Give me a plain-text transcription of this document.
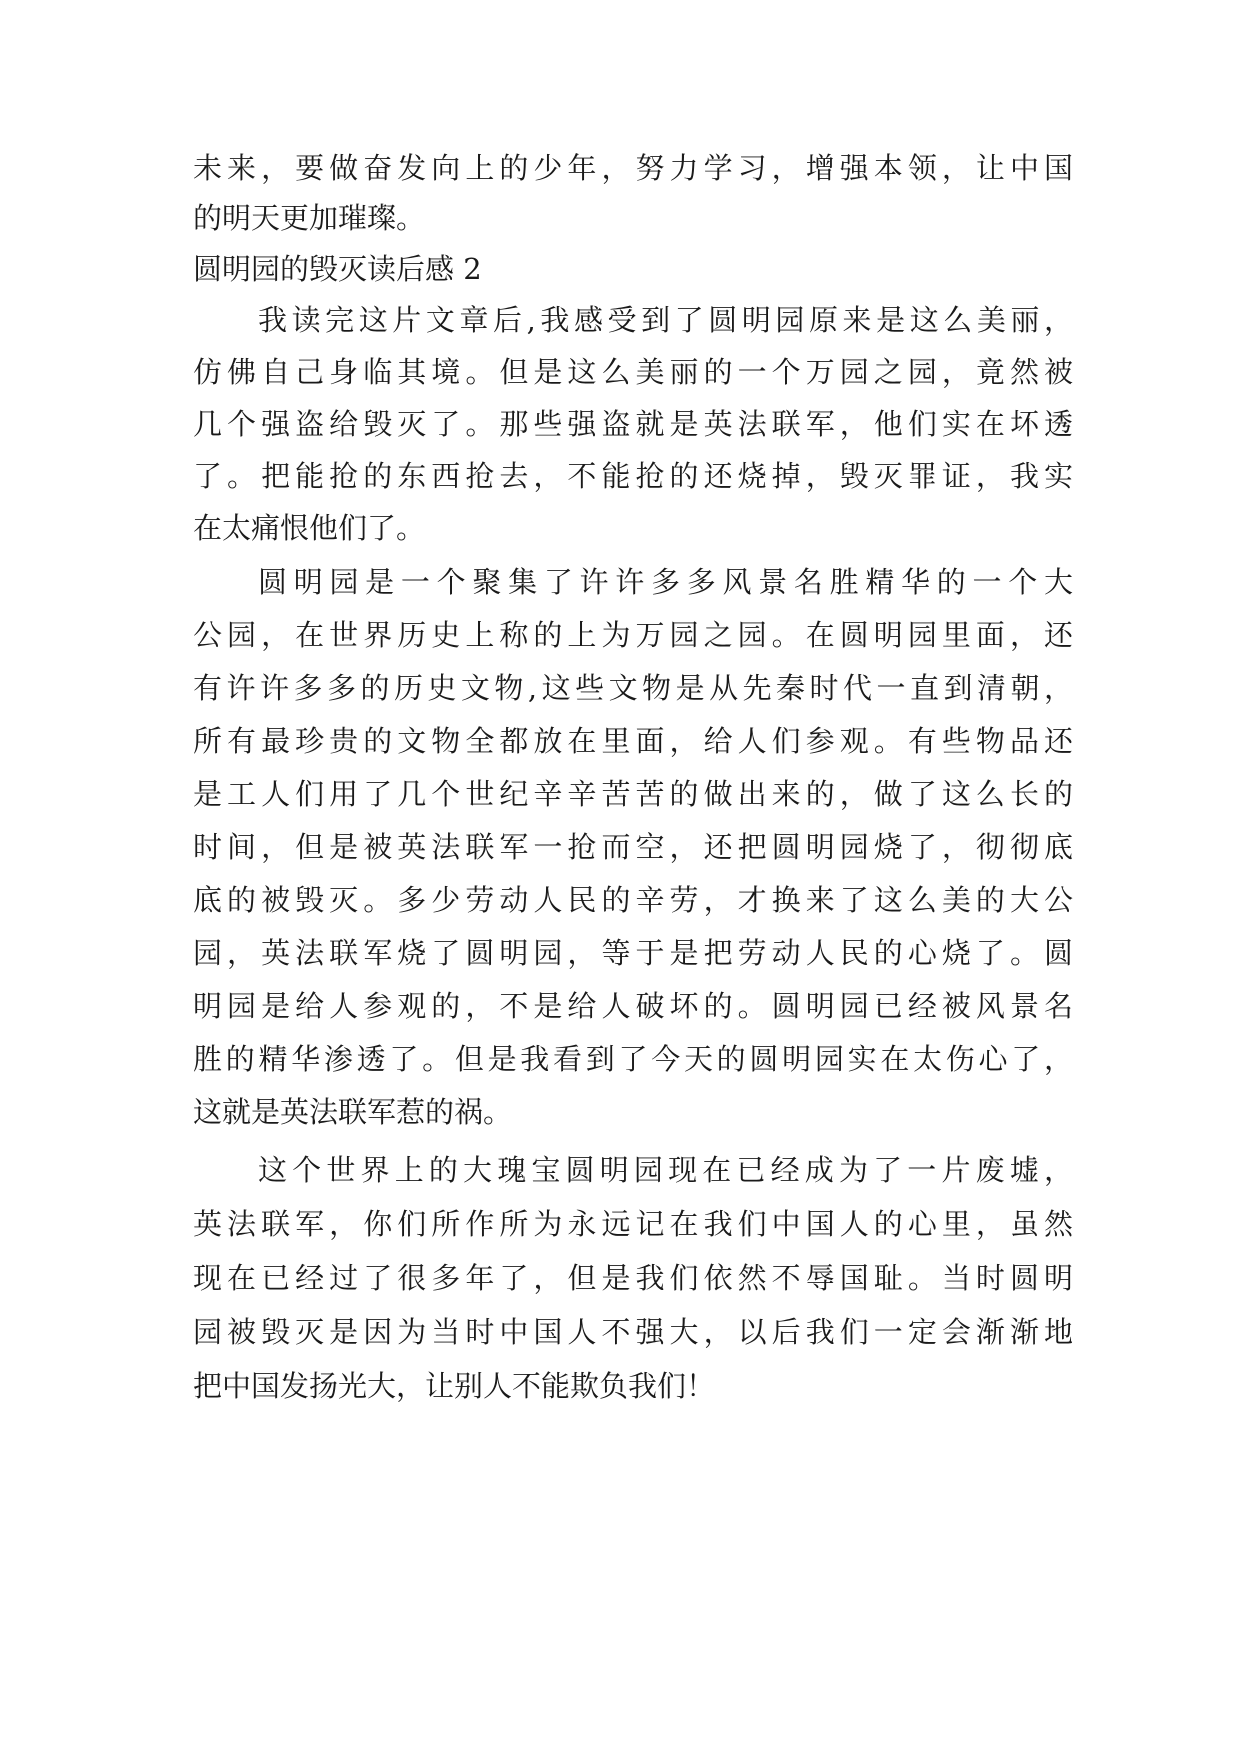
未来，要做奋发向上的少年，努力学习，增强本领，让中国
的明天更加璀璨。
圆明园的毁灭读后感 2
我读完这片文章后,我感受到了圆明园原来是这么美丽，
仿佛自己身临其境。但是这么美丽的一个万园之园，竟然被
几个强盗给毁灭了。那些强盗就是英法联军，他们实在坏透
了。把能抢的东西抢去，不能抢的还烧掉，毁灭罪证，我实
在太痛恨他们了。
圆明园是一个聚集了许许多多风景名胜精华的一个大
公园，在世界历史上称的上为万园之园。在圆明园里面，还
有许许多多的历史文物,这些文物是从先秦时代一直到清朝，
所有最珍贵的文物全都放在里面，给人们参观。有些物品还
是工人们用了几个世纪辛辛苦苦的做出来的，做了这么长的
时间，但是被英法联军一抢而空，还把圆明园烧了，彻彻底
底的被毁灭。多少劳动人民的辛劳，才换来了这么美的大公
园，英法联军烧了圆明园，等于是把劳动人民的心烧了。圆
明园是给人参观的，不是给人破坏的。圆明园已经被风景名
胜的精华渗透了。但是我看到了今天的圆明园实在太伤心了，
这就是英法联军惹的祸。
这个世界上的大瑰宝圆明园现在已经成为了一片废墟，
英法联军，你们所作所为永远记在我们中国人的心里，虽然
现在已经过了很多年了，但是我们依然不辱国耻。当时圆明
园被毁灭是因为当时中国人不强大，以后我们一定会渐渐地
把中国发扬光大，让别人不能欺负我们！
